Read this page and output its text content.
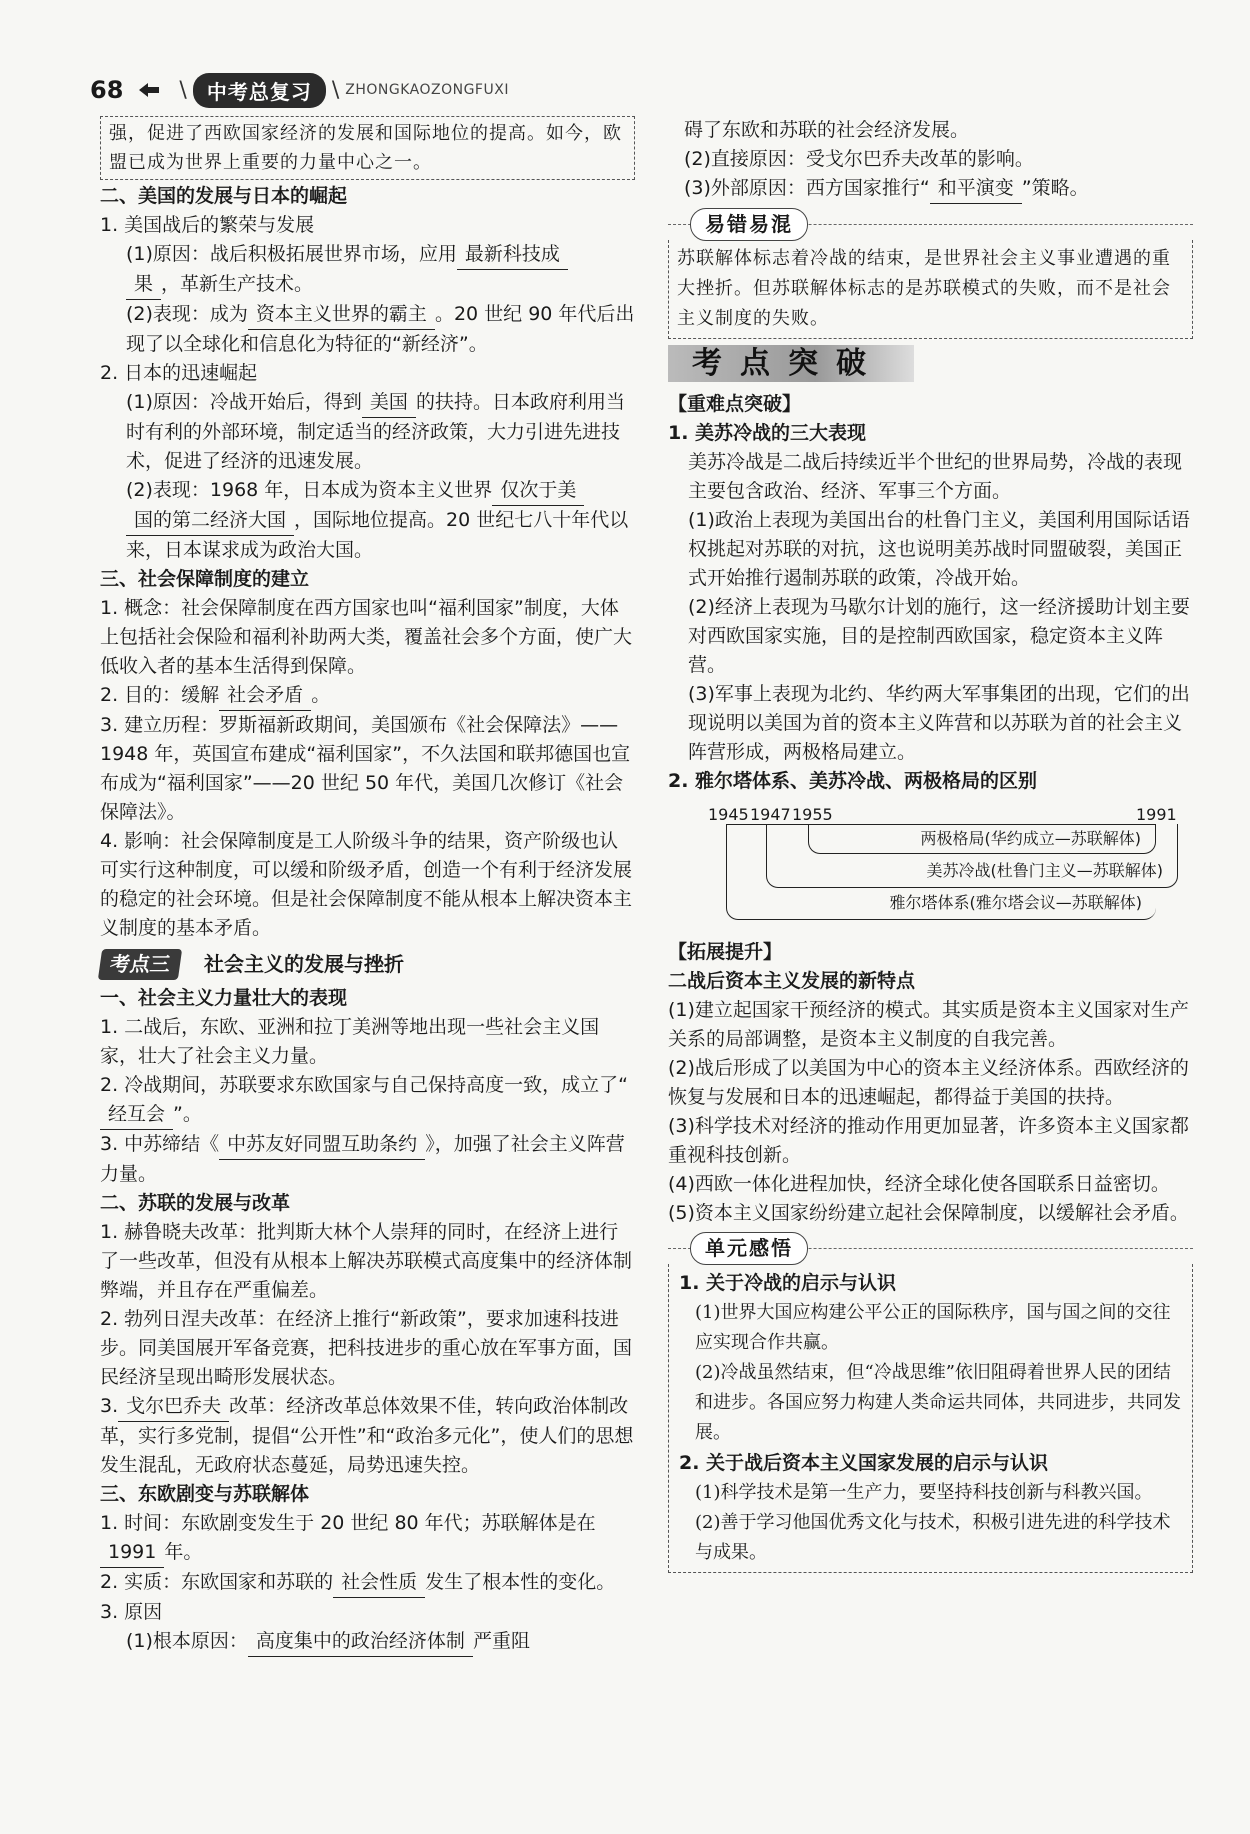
68	\	中考总复习 \ ZHONGKAOZONGFUXI
强，促进了西欧国家经济的发展和国际地位的提高。如今，欧盟已成为世界上重要的力量中心之一。
二、美国的发展与日本的崛起
1. 美国战后的繁荣与发展
(1)原因：战后积极拓展世界市场，应用 最新科技成
果 ，革新生产技术。
(2)表现：成为 资本主义世界的霸主 。20 世纪 90 年代后出现了以全球化和信息化为特征的“新经济”。
2. 日本的迅速崛起
(1)原因：冷战开始后，得到 美国 的扶持。日本政府利用当时有利的外部环境，制定适当的经济政策，大力引进先进技术，促进了经济的迅速发展。
(2)表现：1968 年，日本成为资本主义世界 仅次于美
国的第二经济大国 ，国际地位提高。20 世纪七八十年代以来，日本谋求成为政治大国。
三、社会保障制度的建立
1. 概念：社会保障制度在西方国家也叫“福利国家”制度，大体上包括社会保险和福利补助两大类，覆盖社会多个方面，使广大低收入者的基本生活得到保障。
2. 目的：缓解 社会矛盾 。
3. 建立历程：罗斯福新政期间，美国颁布《社会保障法》——1948 年，英国宣布建成“福利国家”，不久法国和联邦德国也宣布成为“福利国家”——20 世纪 50 年代，美国几次修订《社会保障法》。
4. 影响：社会保障制度是工人阶级斗争的结果，资产阶级也认可实行这种制度，可以缓和阶级矛盾，创造一个有利于经济发展的稳定的社会环境。但是社会保障制度不能从根本上解决资本主义制度的基本矛盾。
考点三	社会主义的发展与挫折
一、社会主义力量壮大的表现
1. 二战后，东欧、亚洲和拉丁美洲等地出现一些社会主义国家，壮大了社会主义力量。
2. 冷战期间，苏联要求东欧国家与自己保持高度一致，成立了“经互会 ”。
3. 中苏缔结《 中苏友好同盟互助条约 》，加强了社会主义阵营力量。
二、苏联的发展与改革
1. 赫鲁晓夫改革：批判斯大林个人崇拜的同时，在经济上进行了一些改革，但没有从根本上解决苏联模式高度集中的经济体制弊端，并且存在严重偏差。
2. 勃列日涅夫改革：在经济上推行“新政策”，要求加速科技进步。同美国展开军备竞赛，把科技进步的重心放在军事方面，国民经济呈现出畸形发展状态。
3. 戈尔巴乔夫 改革：经济改革总体效果不佳，转向政治体制改革，实行多党制，提倡“公开性”和“政治多元化”，使人们的思想发生混乱，无政府状态蔓延，局势迅速失控。
三、东欧剧变与苏联解体
1. 时间：东欧剧变发生于 20 世纪 80 年代；苏联解体是在1991 年。
2. 实质：东欧国家和苏联的 社会性质 发生了根本性的变化。
3. 原因
(1)根本原因： 高度集中的政治经济体制 严重阻
碍了东欧和苏联的社会经济发展。
(2)直接原因：受戈尔巴乔夫改革的影响。
(3)外部原因：西方国家推行“ 和平演变 ”策略。
易错易混
苏联解体标志着冷战的结束，是世界社会主义事业遭遇的重大挫折。但苏联解体标志的是苏联模式的失败，而不是社会主义制度的失败。
考点突破
【重难点突破】
1. 美苏冷战的三大表现
美苏冷战是二战后持续近半个世纪的世界局势，冷战的表现主要包含政治、经济、军事三个方面。
(1)政治上表现为美国出台的杜鲁门主义，美国利用国际话语权挑起对苏联的对抗，这也说明美苏战时同盟破裂，美国正式开始推行遏制苏联的政策，冷战开始。
(2)经济上表现为马歇尔计划的施行，这一经济援助计划主要对西欧国家实施，目的是控制西欧国家，稳定资本主义阵营。
(3)军事上表现为北约、华约两大军事集团的出现，它们的出现说明以美国为首的资本主义阵营和以苏联为首的社会主义阵营形成，两极格局建立。
2. 雅尔塔体系、美苏冷战、两极格局的区别
1945 1947 1955	1991
两极格局(华约成立—苏联解体)
美苏冷战(杜鲁门主义—苏联解体)
雅尔塔体系(雅尔塔会议—苏联解体)
【拓展提升】
二战后资本主义发展的新特点
(1)建立起国家干预经济的模式。其实质是资本主义国家对生产关系的局部调整，是资本主义制度的自我完善。
(2)战后形成了以美国为中心的资本主义经济体系。西欧经济的恢复与发展和日本的迅速崛起，都得益于美国的扶持。
(3)科学技术对经济的推动作用更加显著，许多资本主义国家都重视科技创新。
(4)西欧一体化进程加快，经济全球化使各国联系日益密切。
(5)资本主义国家纷纷建立起社会保障制度，以缓解社会矛盾。
单元感悟
1. 关于冷战的启示与认识
(1)世界大国应构建公平公正的国际秩序，国与国之间的交往应实现合作共赢。
(2)冷战虽然结束，但“冷战思维”依旧阻碍着世界人民的团结和进步。各国应努力构建人类命运共同体，共同进步，共同发展。
2. 关于战后资本主义国家发展的启示与认识
(1)科学技术是第一生产力，要坚持科技创新与科教兴国。
(2)善于学习他国优秀文化与技术，积极引进先进的科学技术与成果。
